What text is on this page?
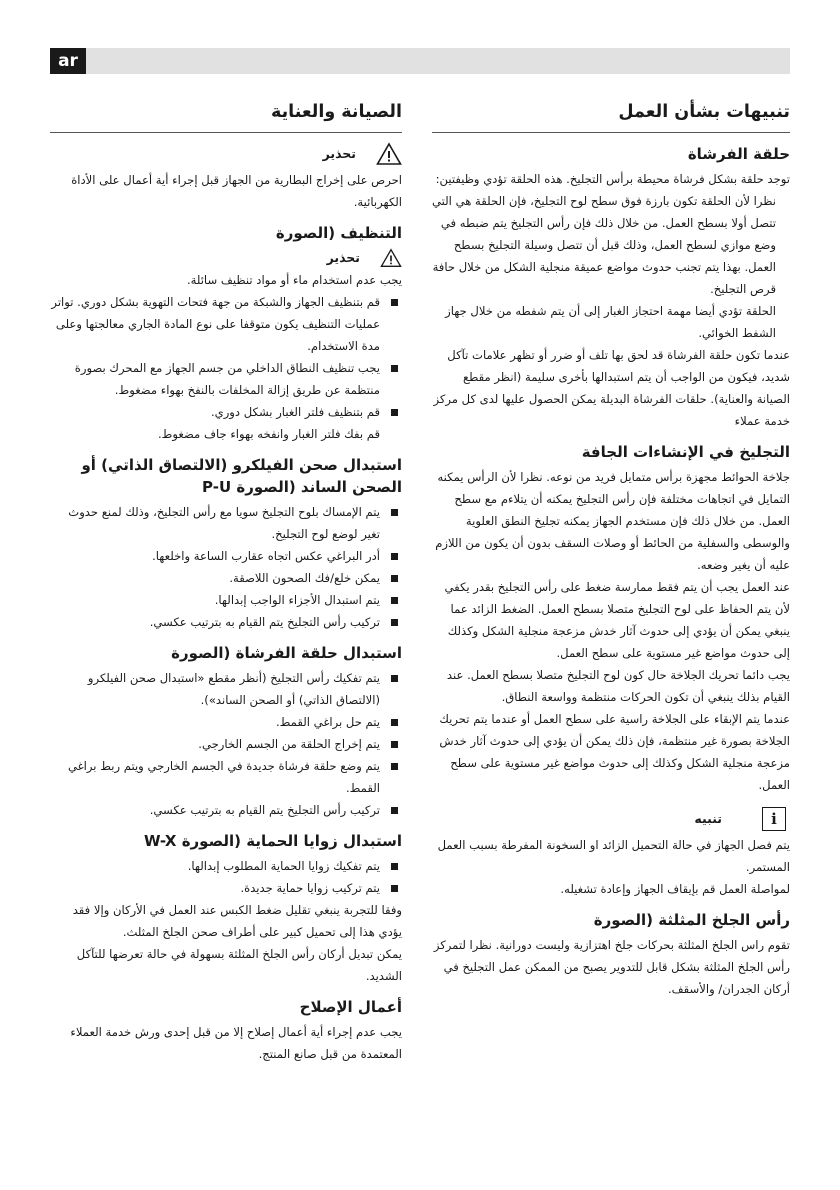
ar
تنبيهات بشأن العمل
حلقة الفرشاة

توجد حلقة بشكل فرشاة محيطة برأس التجليخ. هذه الحلقة تؤدي وظيفتين:

نظرا لأن الحلقة تكون بارزة فوق سطح لوح التجليخ، فإن الحلقة هي التي تتصل أولا بسطح العمل. من خلال ذلك فإن رأس التجليخ يتم ضبطه في وضع موازي لسطح العمل، وذلك قبل أن تتصل وسيلة التجليخ بسطح العمل. بهذا يتم تجنب حدوث مواضع عميقة منجلية الشكل من خلال حافة قرص التجليخ.

الحلقة تؤدي أيضا مهمة احتجاز الغبار إلى أن يتم شفطه من خلال جهاز الشفط الخوائي.

عندما تكون حلقة الفرشاة قد لحق بها تلف أو ضرر أو تظهر علامات تآكل شديد، فيكون من الواجب أن يتم استبدالها بأخرى سليمة (انظر مقطع الصيانة والعناية). حلقات الفرشاة البديلة يمكن الحصول عليها لدى كل مركز خدمة عملاء

التجليخ في الإنشاءات الجافة

جلاخة الحوائط مجهزة برأس متمايل فريد من نوعه. نظرا لأن الرأس يمكنه التمايل في اتجاهات مختلفة فإن رأس التجليخ يمكنه أن يتلاءم مع سطح العمل. من خلال ذلك فإن مستخدم الجهاز يمكنه تجليخ النطق العلوية والوسطى والسفلية من الحائط أو وصلات السقف بدون أن يكون من اللازم عليه أن يغير وضعه.

عند العمل يجب أن يتم فقط ممارسة ضغط على رأس التجليخ بقدر يكفي لأن يتم الحفاظ على لوح التجليخ متصلا بسطح العمل. الضغط الزائد عما ينبغي يمكن أن يؤدي إلى حدوث آثار خدش مزعجة منجلية الشكل وكذلك إلى حدوث مواضع غير مستوية على سطح العمل.

يجب دائما تحريك الجلاخة حال كون لوح التجليخ متصلا بسطح العمل. عند القيام بذلك ينبغي أن تكون الحركات منتظمة وواسعة النطاق.

عندما يتم الإبقاء على الجلاخة راسية على سطح العمل أو عندما يتم تحريك الجلاخة بصورة غير منتظمة، فإن ذلك يمكن أن يؤدي إلى حدوث آثار خدش مزعجة منجلية الشكل وكذلك إلى حدوث مواضع غير مستوية على سطح العمل.

i
تنبيه

يتم فصل الجهاز في حالة التحميل الزائد او السخونة المفرطة بسبب العمل المستمر.

لمواصلة العمل قم بإيقاف الجهاز وإعادة تشغيله.

رأس الجلخ المثلثة (الصورة

تقوم راس الجلخ المثلثة بحركات جلخ اهتزازية وليست دورانية. نظرا لتمركز رأس الجلخ المثلثة بشكل قابل للتدوير يصبح من الممكن عمل التجليخ في أركان الجدران/ والأسقف.

الصيانة والعناية
تحذير

احرص على إخراج البطارية من الجهاز قبل إجراء أية أعمال على الأداة الكهربائية.

التنظيف (الصورة
تحذير

يجب عدم استخدام ماء أو مواد تنظيف سائلة.

قم بتنظيف الجهاز والشبكة من جهة فتحات التهوية بشكل دوري. تواتر عمليات التنظيف يكون متوقفا على نوع المادة الجاري معالجتها وعلى مدة الاستخدام.
يجب تنظيف النطاق الداخلي من جسم الجهاز مع المحرك بصورة منتظمة عن طريق إزالة المخلفات بالنفخ بهواء مضغوط.
قم بتنظيف فلتر الغبار بشكل دوري.

قم بفك فلتر الغبار وانفخه بهواء جاف مضغوط.

استبدال صحن الفيلكرو (الالتصاق الذاتي) أو
الصحن الساند (الصورة P-U
يتم الإمساك بلوح التجليخ سويا مع رأس التجليخ، وذلك لمنع حدوث تغير لوضع لوح التجليخ.
أدر البراغي عكس اتجاه عقارب الساعة واخلعها.
يمكن خلع/فك الصحون اللاصقة.
يتم استبدال الأجزاء الواجب إبدالها.
تركيب رأس التجليخ يتم القيام به بترتيب عكسي.
استبدال حلقة الفرشاة (الصورة
يتم تفكيك رأس التجليخ (أنظر مقطع «استبدال صحن الفيلكرو (الالتصاق الذاتي) أو الصحن الساند»).
يتم حل براغي القمط.
يتم إخراج الحلقة من الجسم الخارجي.
يتم وضع حلقة فرشاة جديدة في الجسم الخارجي ويتم ربط براغي القمط.
تركيب رأس التجليخ يتم القيام به بترتيب عكسي.
استبدال زوايا الحماية (الصورة W-X
يتم تفكيك زوايا الحماية المطلوب إبدالها.
يتم تركيب زوايا حماية جديدة.

وفقا للتجربة ينبغي تقليل ضغط الكبس عند العمل في الأركان وإلا فقد يؤدي هذا إلى تحميل كبير على أطراف صحن الجلخ المثلث.

يمكن تبديل أركان رأس الجلخ المثلثة بسهولة في حالة تعرضها للتآكل الشديد.

أعمال الإصلاح

يجب عدم إجراء أية أعمال إصلاح إلا من قبل إحدى ورش خدمة العملاء المعتمدة من قبل صانع المنتج.
